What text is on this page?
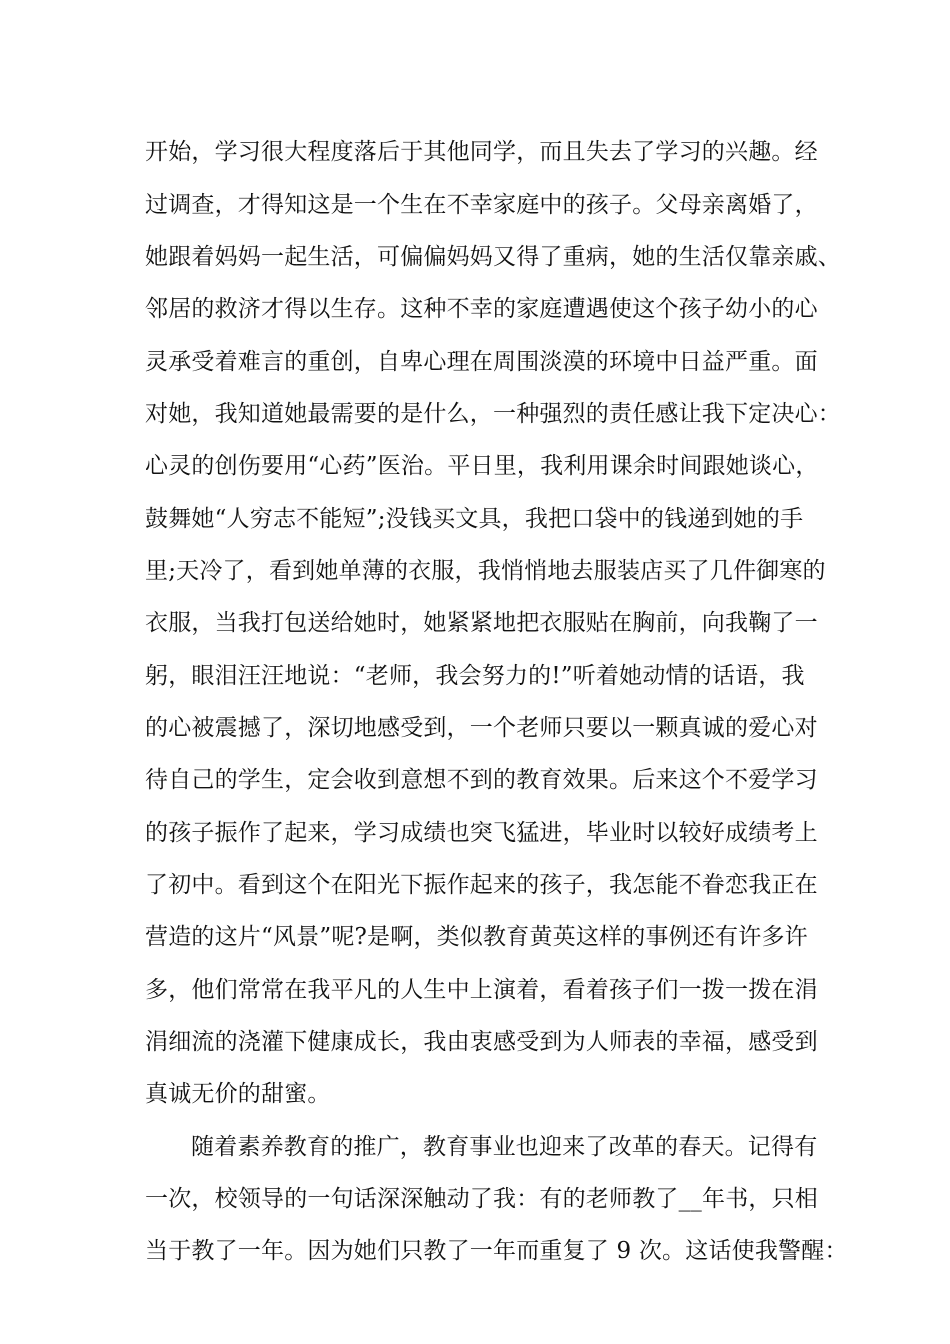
开始，学习很大程度落后于其他同学，而且失去了学习的兴趣。经
过调查，才得知这是一个生在不幸家庭中的孩子。父母亲离婚了，
她跟着妈妈一起生活，可偏偏妈妈又得了重病，她的生活仅靠亲戚、
邻居的救济才得以生存。这种不幸的家庭遭遇使这个孩子幼小的心
灵承受着难言的重创，自卑心理在周围淡漠的环境中日益严重。面
对她，我知道她最需要的是什么，一种强烈的责任感让我下定决心：
心灵的创伤要用“心药”医治。平日里，我利用课余时间跟她谈心，
鼓舞她“人穷志不能短”;没钱买文具，我把口袋中的钱递到她的手
里;天冷了，看到她单薄的衣服，我悄悄地去服装店买了几件御寒的
衣服，当我打包送给她时，她紧紧地把衣服贴在胸前，向我鞠了一
躬，眼泪汪汪地说：“老师，我会努力的!”听着她动情的话语，我
的心被震撼了，深切地感受到，一个老师只要以一颗真诚的爱心对
待自己的学生，定会收到意想不到的教育效果。后来这个不爱学习
的孩子振作了起来，学习成绩也突飞猛进，毕业时以较好成绩考上
了初中。看到这个在阳光下振作起来的孩子，我怎能不眷恋我正在
营造的这片“风景”呢?是啊，类似教育黄英这样的事例还有许多许
多，他们常常在我平凡的人生中上演着，看着孩子们一拨一拨在涓
涓细流的浇灌下健康成长，我由衷感受到为人师表的幸福，感受到
真诚无价的甜蜜。
随着素养教育的推广，教育事业也迎来了改革的春天。记得有
一次，校领导的一句话深深触动了我：有的老师教了__年书，只相
当于教了一年。因为她们只教了一年而重复了 9 次。这话使我警醒：
